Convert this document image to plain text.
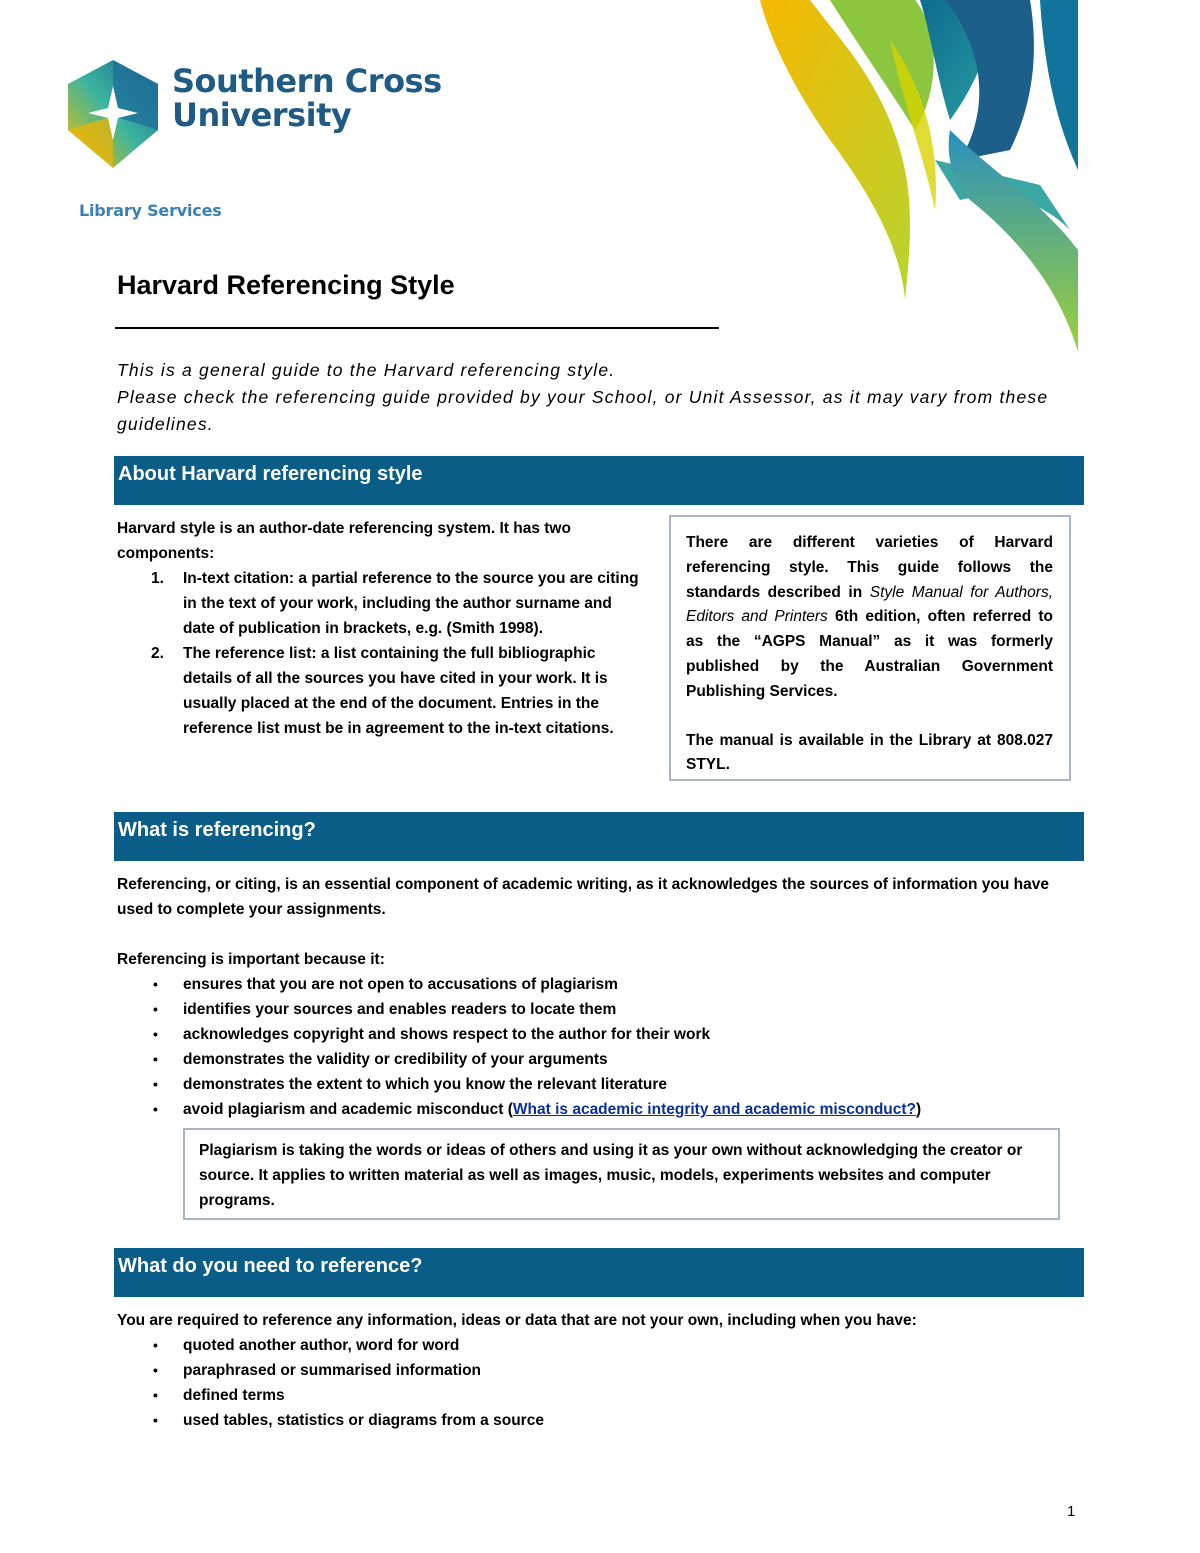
Southern Cross
University
Library Services
Harvard Referencing Style

This is a general guide to the Harvard referencing style.

Please check the referencing guide provided by your School, or Unit Assessor, as it may vary from these guidelines.

About Harvard referencing style

Harvard style is an author-date referencing system. It has two components:

1. In-text citation: a partial reference to the source you are citing in the text of your work, including the author surname and date of publication in brackets, e.g. (Smith 1998).
2. The reference list: a list containing the full bibliographic details of all the sources you have cited in your work. It is usually placed at the end of the document. Entries in the reference list must be in agreement to the in-text citations.

There are different varieties of Harvard referencing style. This guide follows the standards described in Style Manual for Authors, Editors and Printers 6th edition, often referred to as the “AGPS Manual” as it was formerly published by the Australian Government Publishing Services.

The manual is available in the Library at 808.027 STYL.

What is referencing?

Referencing, or citing, is an essential component of academic writing, as it acknowledges the sources of information you have used to complete your assignments.

Referencing is important because it:

• ensures that you are not open to accusations of plagiarism
• identifies your sources and enables readers to locate them
• acknowledges copyright and shows respect to the author for their work
• demonstrates the validity or credibility of your arguments
• demonstrates the extent to which you know the relevant literature
• avoid plagiarism and academic misconduct (What is academic integrity and academic misconduct?)
Plagiarism is taking the words or ideas of others and using it as your own without acknowledging the creator or source. It applies to written material as well as images, music, models, experiments websites and computer programs.
What do you need to reference?

You are required to reference any information, ideas or data that are not your own, including when you have:

• quoted another author, word for word
• paraphrased or summarised information
• defined terms
• used tables, statistics or diagrams from a source
1
